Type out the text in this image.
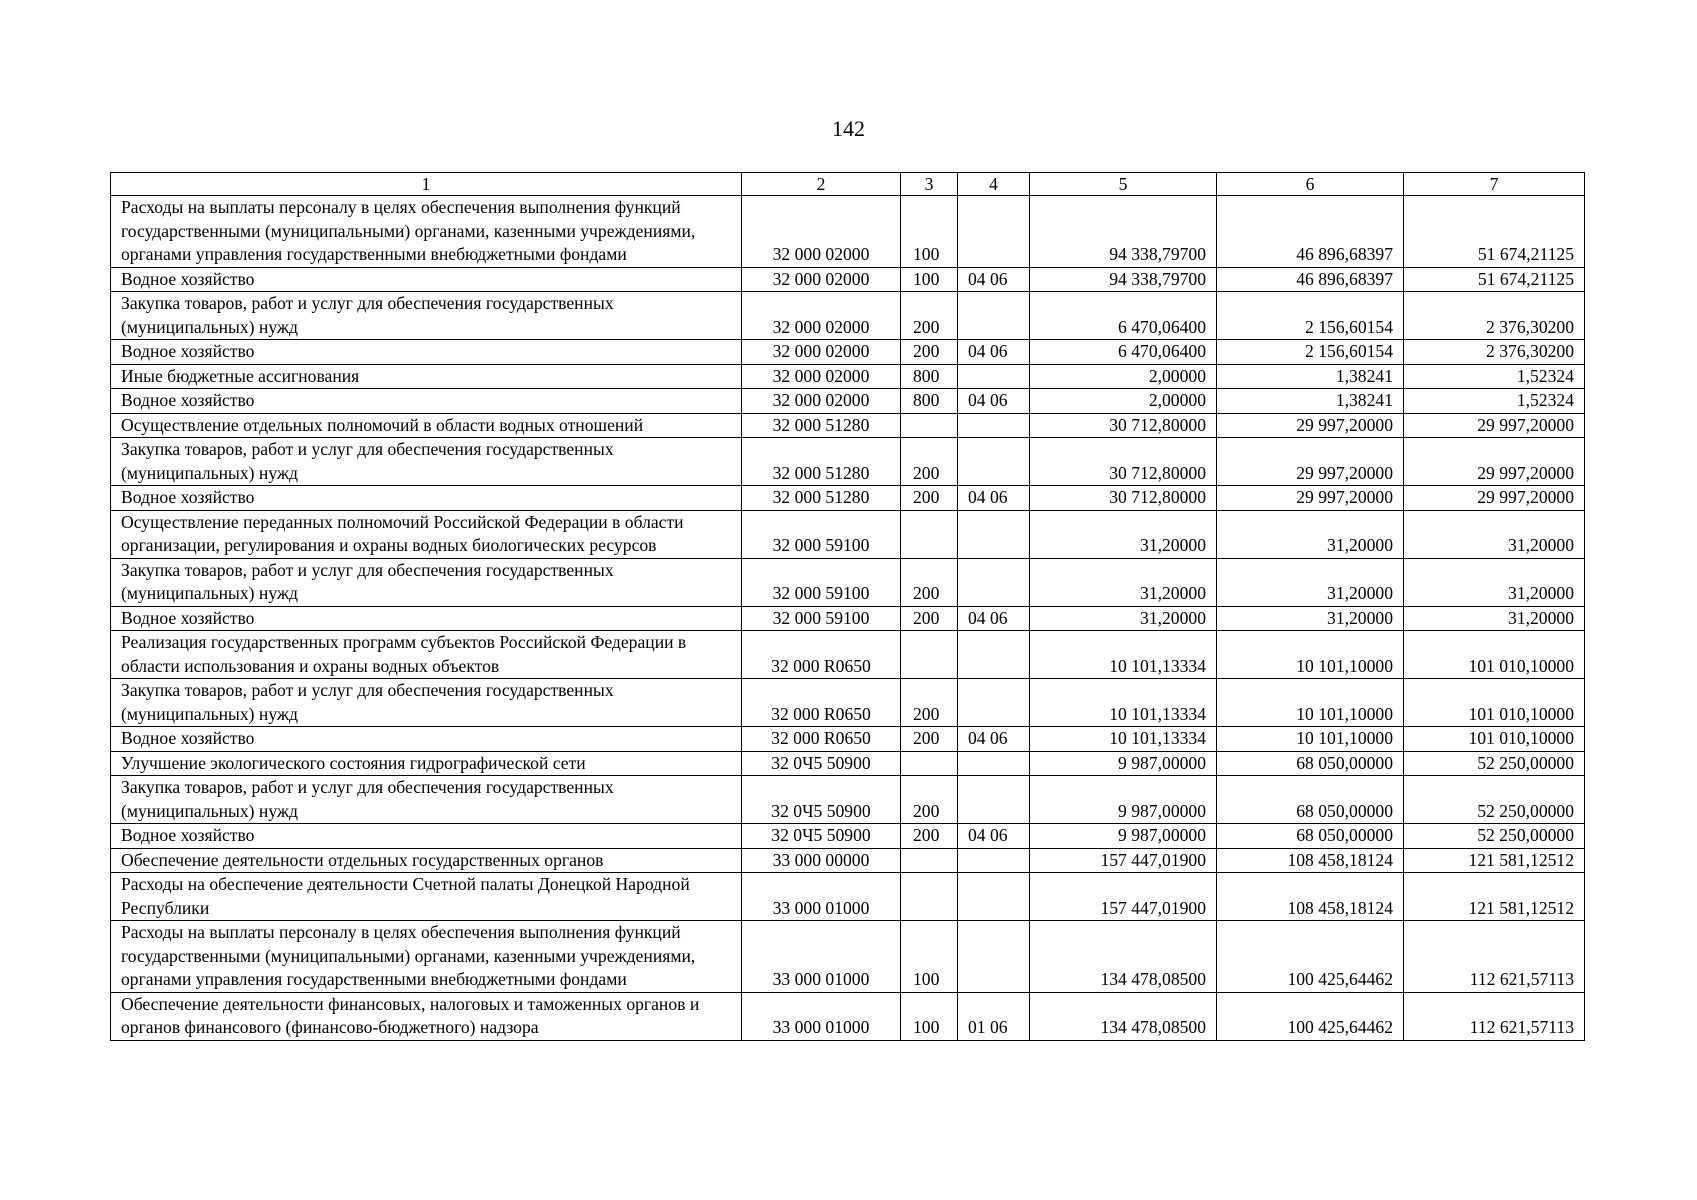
142
1	2	3	4	5	6	7
Расходы на выплаты персоналу в целях обеспечения выполнения функций государственными (муниципальными) органами, казенными учреждениями, органами управления государственными внебюджетными фондами	32 000 02000	100		94 338,79700	46 896,68397	51 674,21125
Водное хозяйство	32 000 02000	100	04 06	94 338,79700	46 896,68397	51 674,21125
Закупка товаров, работ и услуг для обеспечения государственных (муниципальных) нужд	32 000 02000	200		6 470,06400	2 156,60154	2 376,30200
Водное хозяйство	32 000 02000	200	04 06	6 470,06400	2 156,60154	2 376,30200
Иные бюджетные ассигнования	32 000 02000	800		2,00000	1,38241	1,52324
Водное хозяйство	32 000 02000	800	04 06	2,00000	1,38241	1,52324
Осуществление отдельных полномочий в области водных отношений	32 000 51280			30 712,80000	29 997,20000	29 997,20000
Закупка товаров, работ и услуг для обеспечения государственных (муниципальных) нужд	32 000 51280	200		30 712,80000	29 997,20000	29 997,20000
Водное хозяйство	32 000 51280	200	04 06	30 712,80000	29 997,20000	29 997,20000
Осуществление переданных полномочий Российской Федерации в области организации, регулирования и охраны водных биологических ресурсов	32 000 59100			31,20000	31,20000	31,20000
Закупка товаров, работ и услуг для обеспечения государственных (муниципальных) нужд	32 000 59100	200		31,20000	31,20000	31,20000
Водное хозяйство	32 000 59100	200	04 06	31,20000	31,20000	31,20000
Реализация государственных программ субъектов Российской Федерации в области использования и охраны водных объектов	32 000 R0650			10 101,13334	10 101,10000	101 010,10000
Закупка товаров, работ и услуг для обеспечения государственных (муниципальных) нужд	32 000 R0650	200		10 101,13334	10 101,10000	101 010,10000
Водное хозяйство	32 000 R0650	200	04 06	10 101,13334	10 101,10000	101 010,10000
Улучшение экологического состояния гидрографической сети	32 0Ч5 50900			9 987,00000	68 050,00000	52 250,00000
Закупка товаров, работ и услуг для обеспечения государственных (муниципальных) нужд	32 0Ч5 50900	200		9 987,00000	68 050,00000	52 250,00000
Водное хозяйство	32 0Ч5 50900	200	04 06	9 987,00000	68 050,00000	52 250,00000
Обеспечение деятельности отдельных государственных органов	33 000 00000			157 447,01900	108 458,18124	121 581,12512
Расходы на обеспечение деятельности Счетной палаты Донецкой Народной Республики	33 000 01000			157 447,01900	108 458,18124	121 581,12512
Расходы на выплаты персоналу в целях обеспечения выполнения функций государственными (муниципальными) органами, казенными учреждениями, органами управления государственными внебюджетными фондами	33 000 01000	100		134 478,08500	100 425,64462	112 621,57113
Обеспечение деятельности финансовых, налоговых и таможенных органов и органов финансового (финансово-бюджетного) надзора	33 000 01000	100	01 06	134 478,08500	100 425,64462	112 621,57113
